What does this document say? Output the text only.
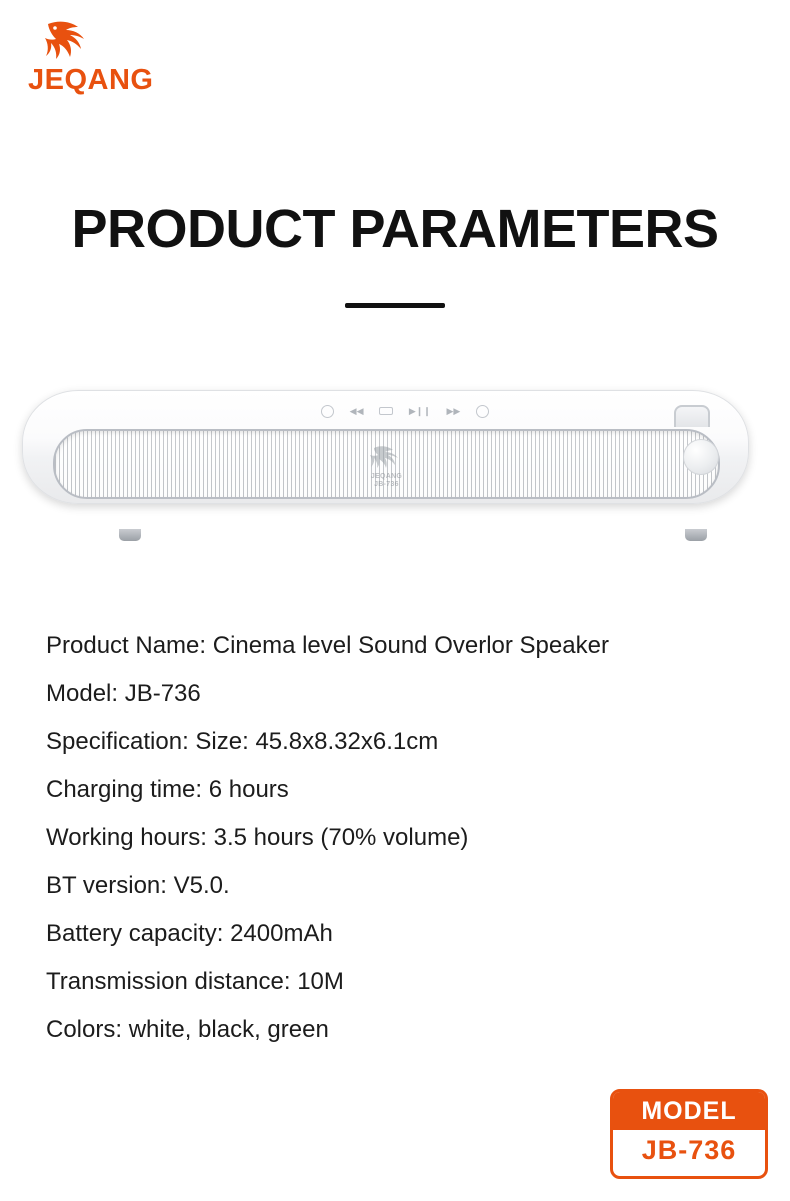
JEQANG
PRODUCT PARAMETERS
◀◀	▶❙❙ ▶▶
JEQANG
JB-736
Product Name: Cinema level Sound Overlor Speaker
Model: JB-736
Specification: Size: 45.8x8.32x6.1cm
Charging time: 6 hours
Working hours: 3.5 hours (70% volume)
BT version: V5.0.
Battery capacity: 2400mAh
Transmission distance: 10M
Colors: white, black, green
MODEL
JB-736
